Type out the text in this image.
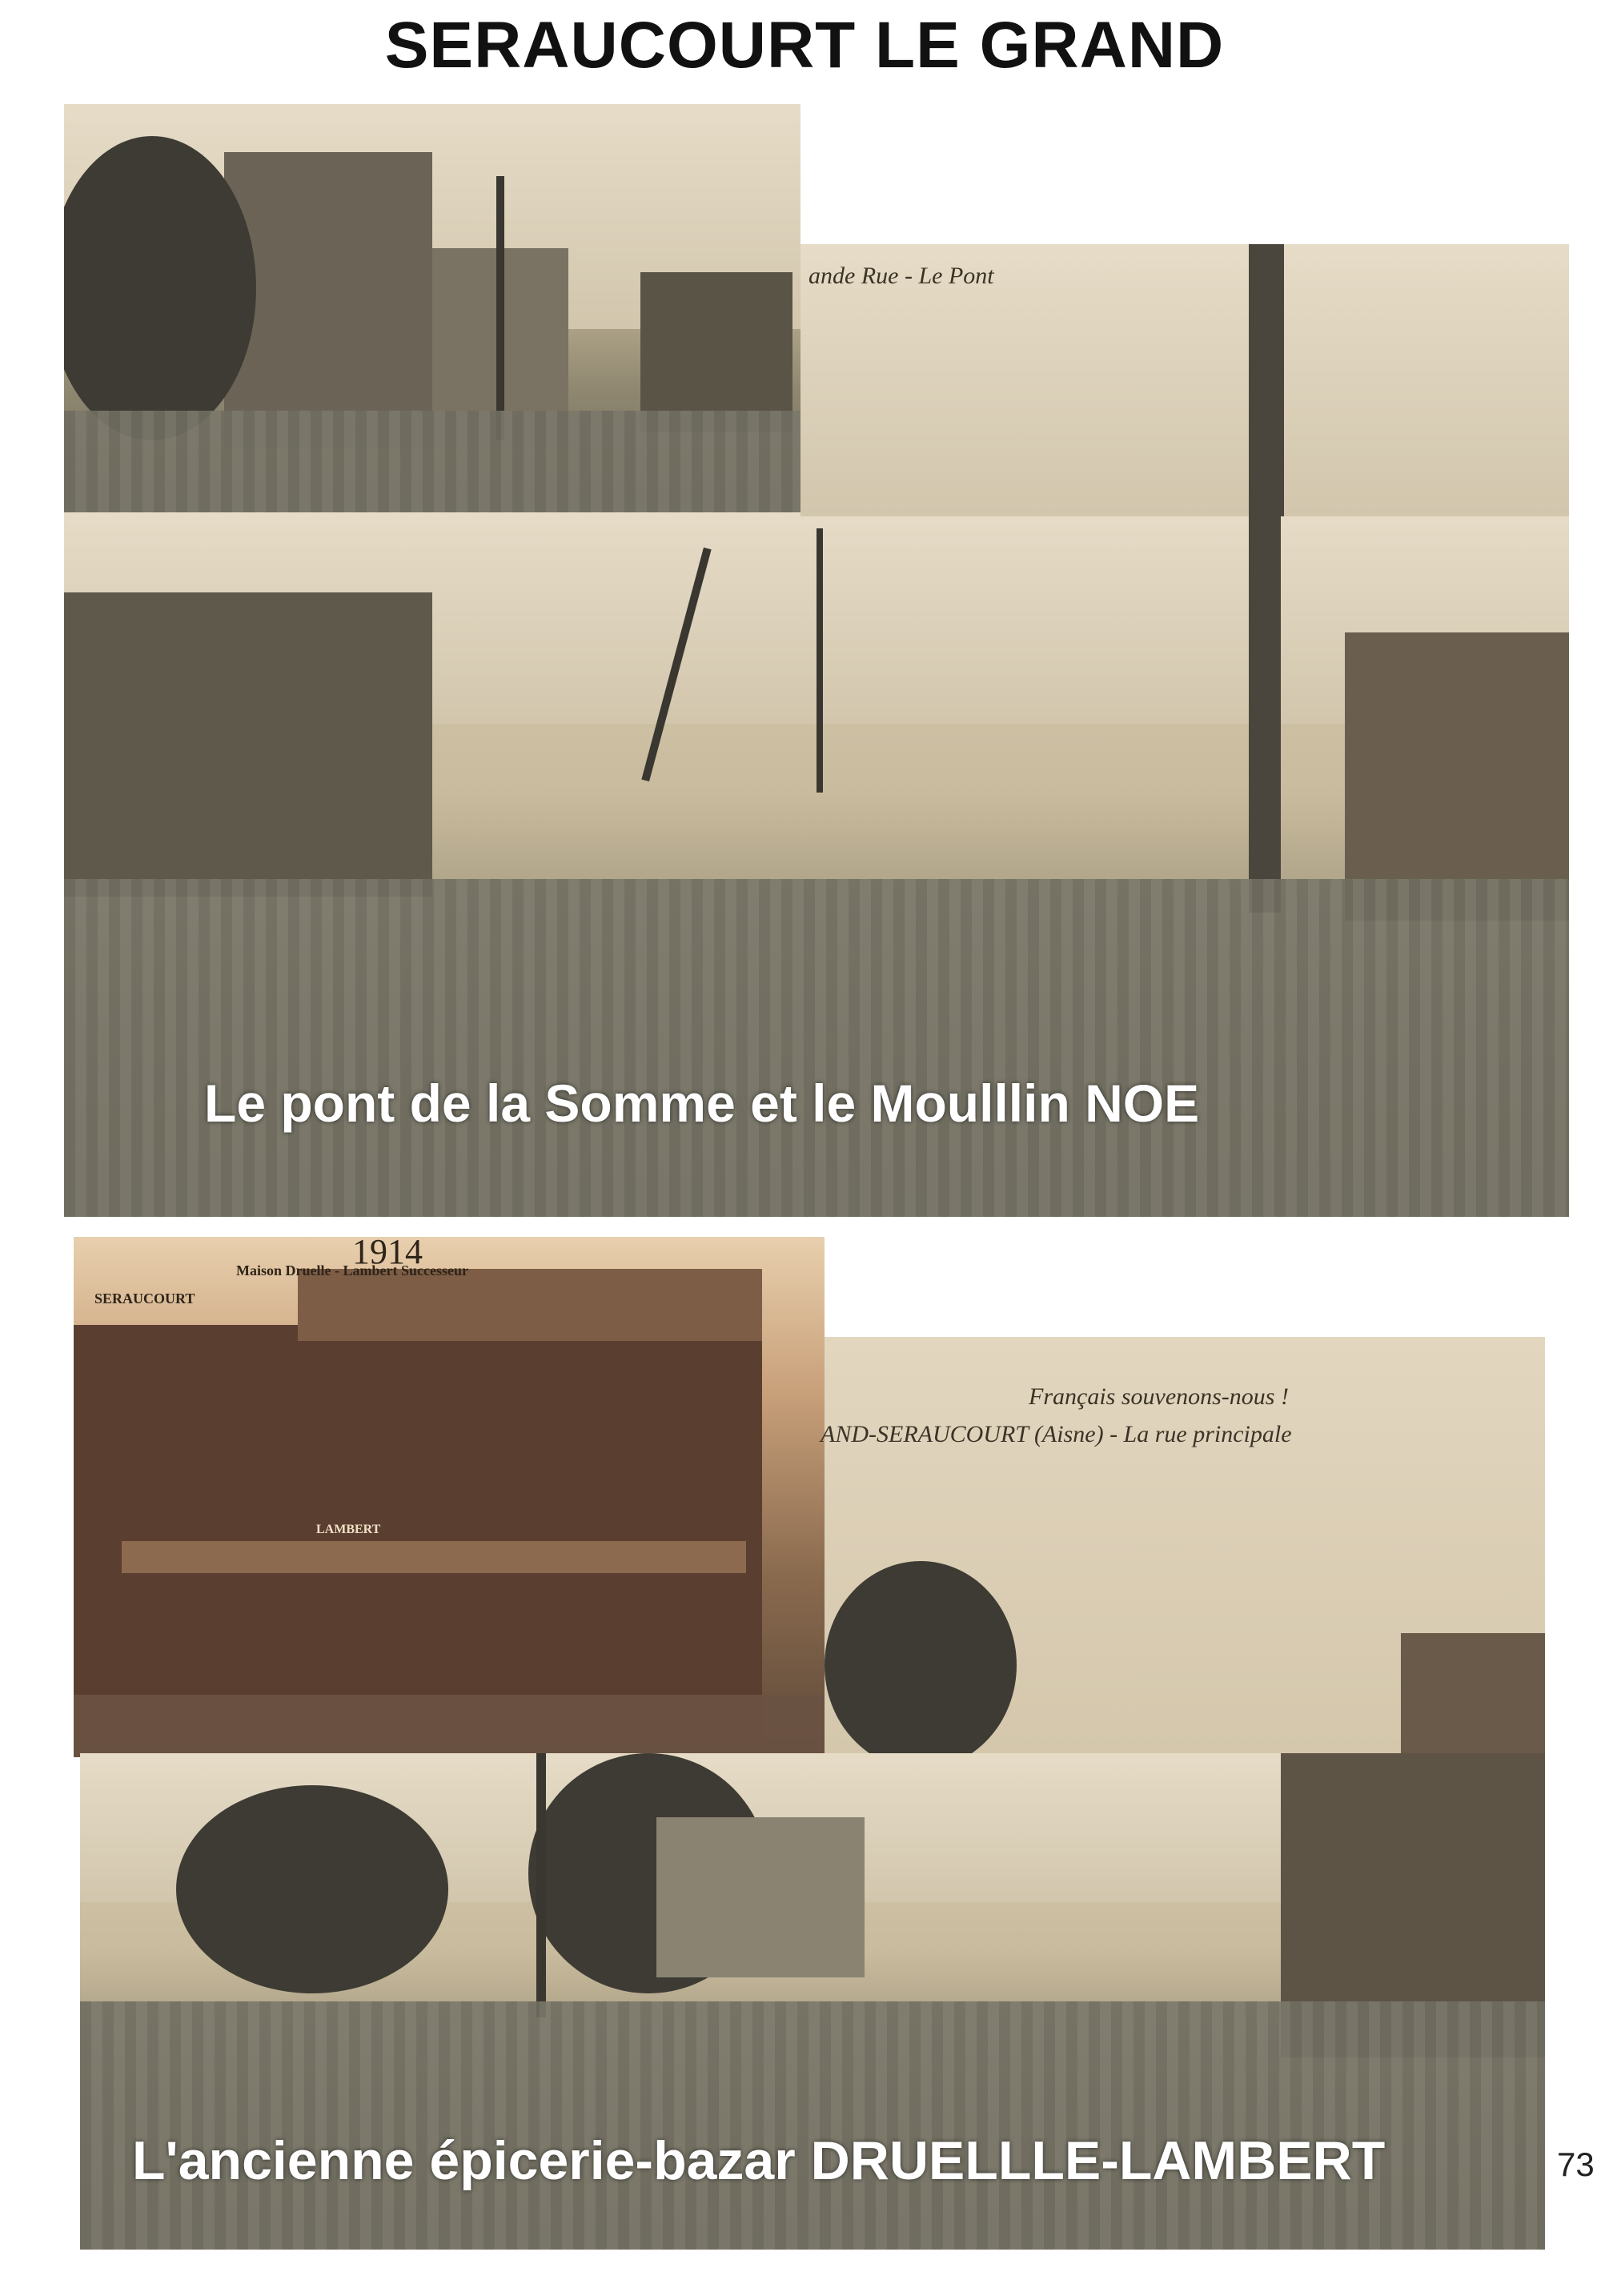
SERAUCOURT LE GRAND
ande Rue - Le Pont
Le pont de la Somme et le Moulllin NOE
SERAUCOURT
Maison Druelle - Lambert Successeur
1914
LAMBERT
Français souvenons-nous !
AND-SERAUCOURT (Aisne) - La rue principale
L'ancienne épicerie-bazar DRUELLLE-LAMBERT	73
